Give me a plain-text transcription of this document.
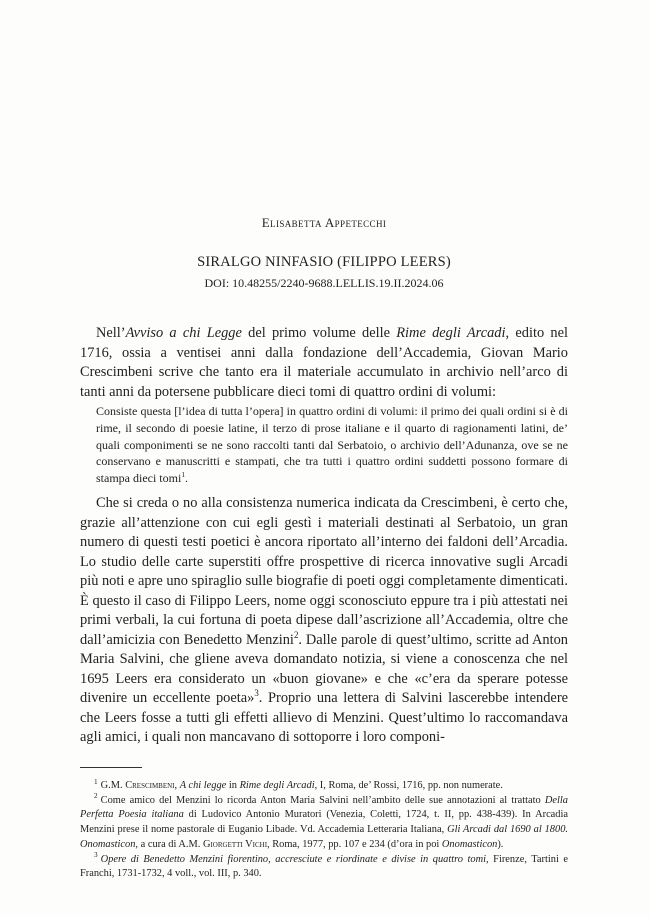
Elisabetta Appetecchi
SIRALGO NINFASIO (FILIPPO LEERS)
DOI: 10.48255/2240-9688.LELLIS.19.II.2024.06
Nell’Avviso a chi Legge del primo volume delle Rime degli Arcadi, edito nel 1716, ossia a ventisei anni dalla fondazione dell’Accademia, Giovan Mario Crescimbeni scrive che tanto era il materiale accumulato in archivio nell’arco di tanti anni da potersene pubblicare dieci tomi di quattro ordini di volumi:
Consiste questa [l’idea di tutta l’opera] in quattro ordini di volumi: il primo dei quali ordini si è di rime, il secondo di poesie latine, il terzo di prose italiane e il quarto di ragionamenti latini, de’ quali componimenti se ne sono raccolti tanti dal Serbatoio, o archivio dell’Adunanza, ove se ne conservano e manuscritti e stampati, che tra tutti i quattro ordini suddetti possono formare di stampa dieci tomi$^1$.
Che si creda o no alla consistenza numerica indicata da Crescimbeni, è certo che, grazie all’attenzione con cui egli gestì i materiali destinati al Serbatoio, un gran numero di questi testi poetici è ancora riportato all’interno dei faldoni dell’Arcadia. Lo studio delle carte superstiti offre prospettive di ricerca innovative sugli Arcadi più noti e apre uno spiraglio sulle biografie di poeti oggi completamente dimenticati. È questo il caso di Filippo Leers, nome oggi sconosciuto eppure tra i più attestati nei primi verbali, la cui fortuna di poeta dipese dall’ascrizione all’Accademia, oltre che dall’amicizia con Benedetto Menzini$^2$. Dalle parole di quest’ultimo, scritte ad Anton Maria Salvini, che gliene aveva domandato notizia, si viene a conoscenza che nel 1695 Leers era considerato un «buon giovane» e che «c’era da sperare potesse divenire un eccellente poeta»$^3$. Proprio una lettera di Salvini lascerebbe intendere che Leers fosse a tutti gli effetti allievo di Menzini. Quest’ultimo lo raccomandava agli amici, i quali non mancavano di sottoporre i loro componi-

$^1$ G.M. Crescimbeni, A chi legge in Rime degli Arcadi, I, Roma, de’ Rossi, 1716, pp. non numerate.

$^2$ Come amico del Menzini lo ricorda Anton Maria Salvini nell’ambito delle sue annotazioni al trattato Della Perfetta Poesia italiana di Ludovico Antonio Muratori (Venezia, Coletti, 1724, t. II, pp. 438-439). In Arcadia Menzini prese il nome pastorale di Euganio Libade. Vd. Accademia Letteraria Italiana, Gli Arcadi dal 1690 al 1800. Onomasticon, a cura di A.M. Giorgetti Vichi, Roma, 1977, pp. 107 e 234 (d’ora in poi Onomasticon).

$^3$ Opere di Benedetto Menzini fiorentino, accresciute e riordinate e divise in quattro tomi, Firenze, Tartini e Franchi, 1731-1732, 4 voll., vol. III, p. 340.
